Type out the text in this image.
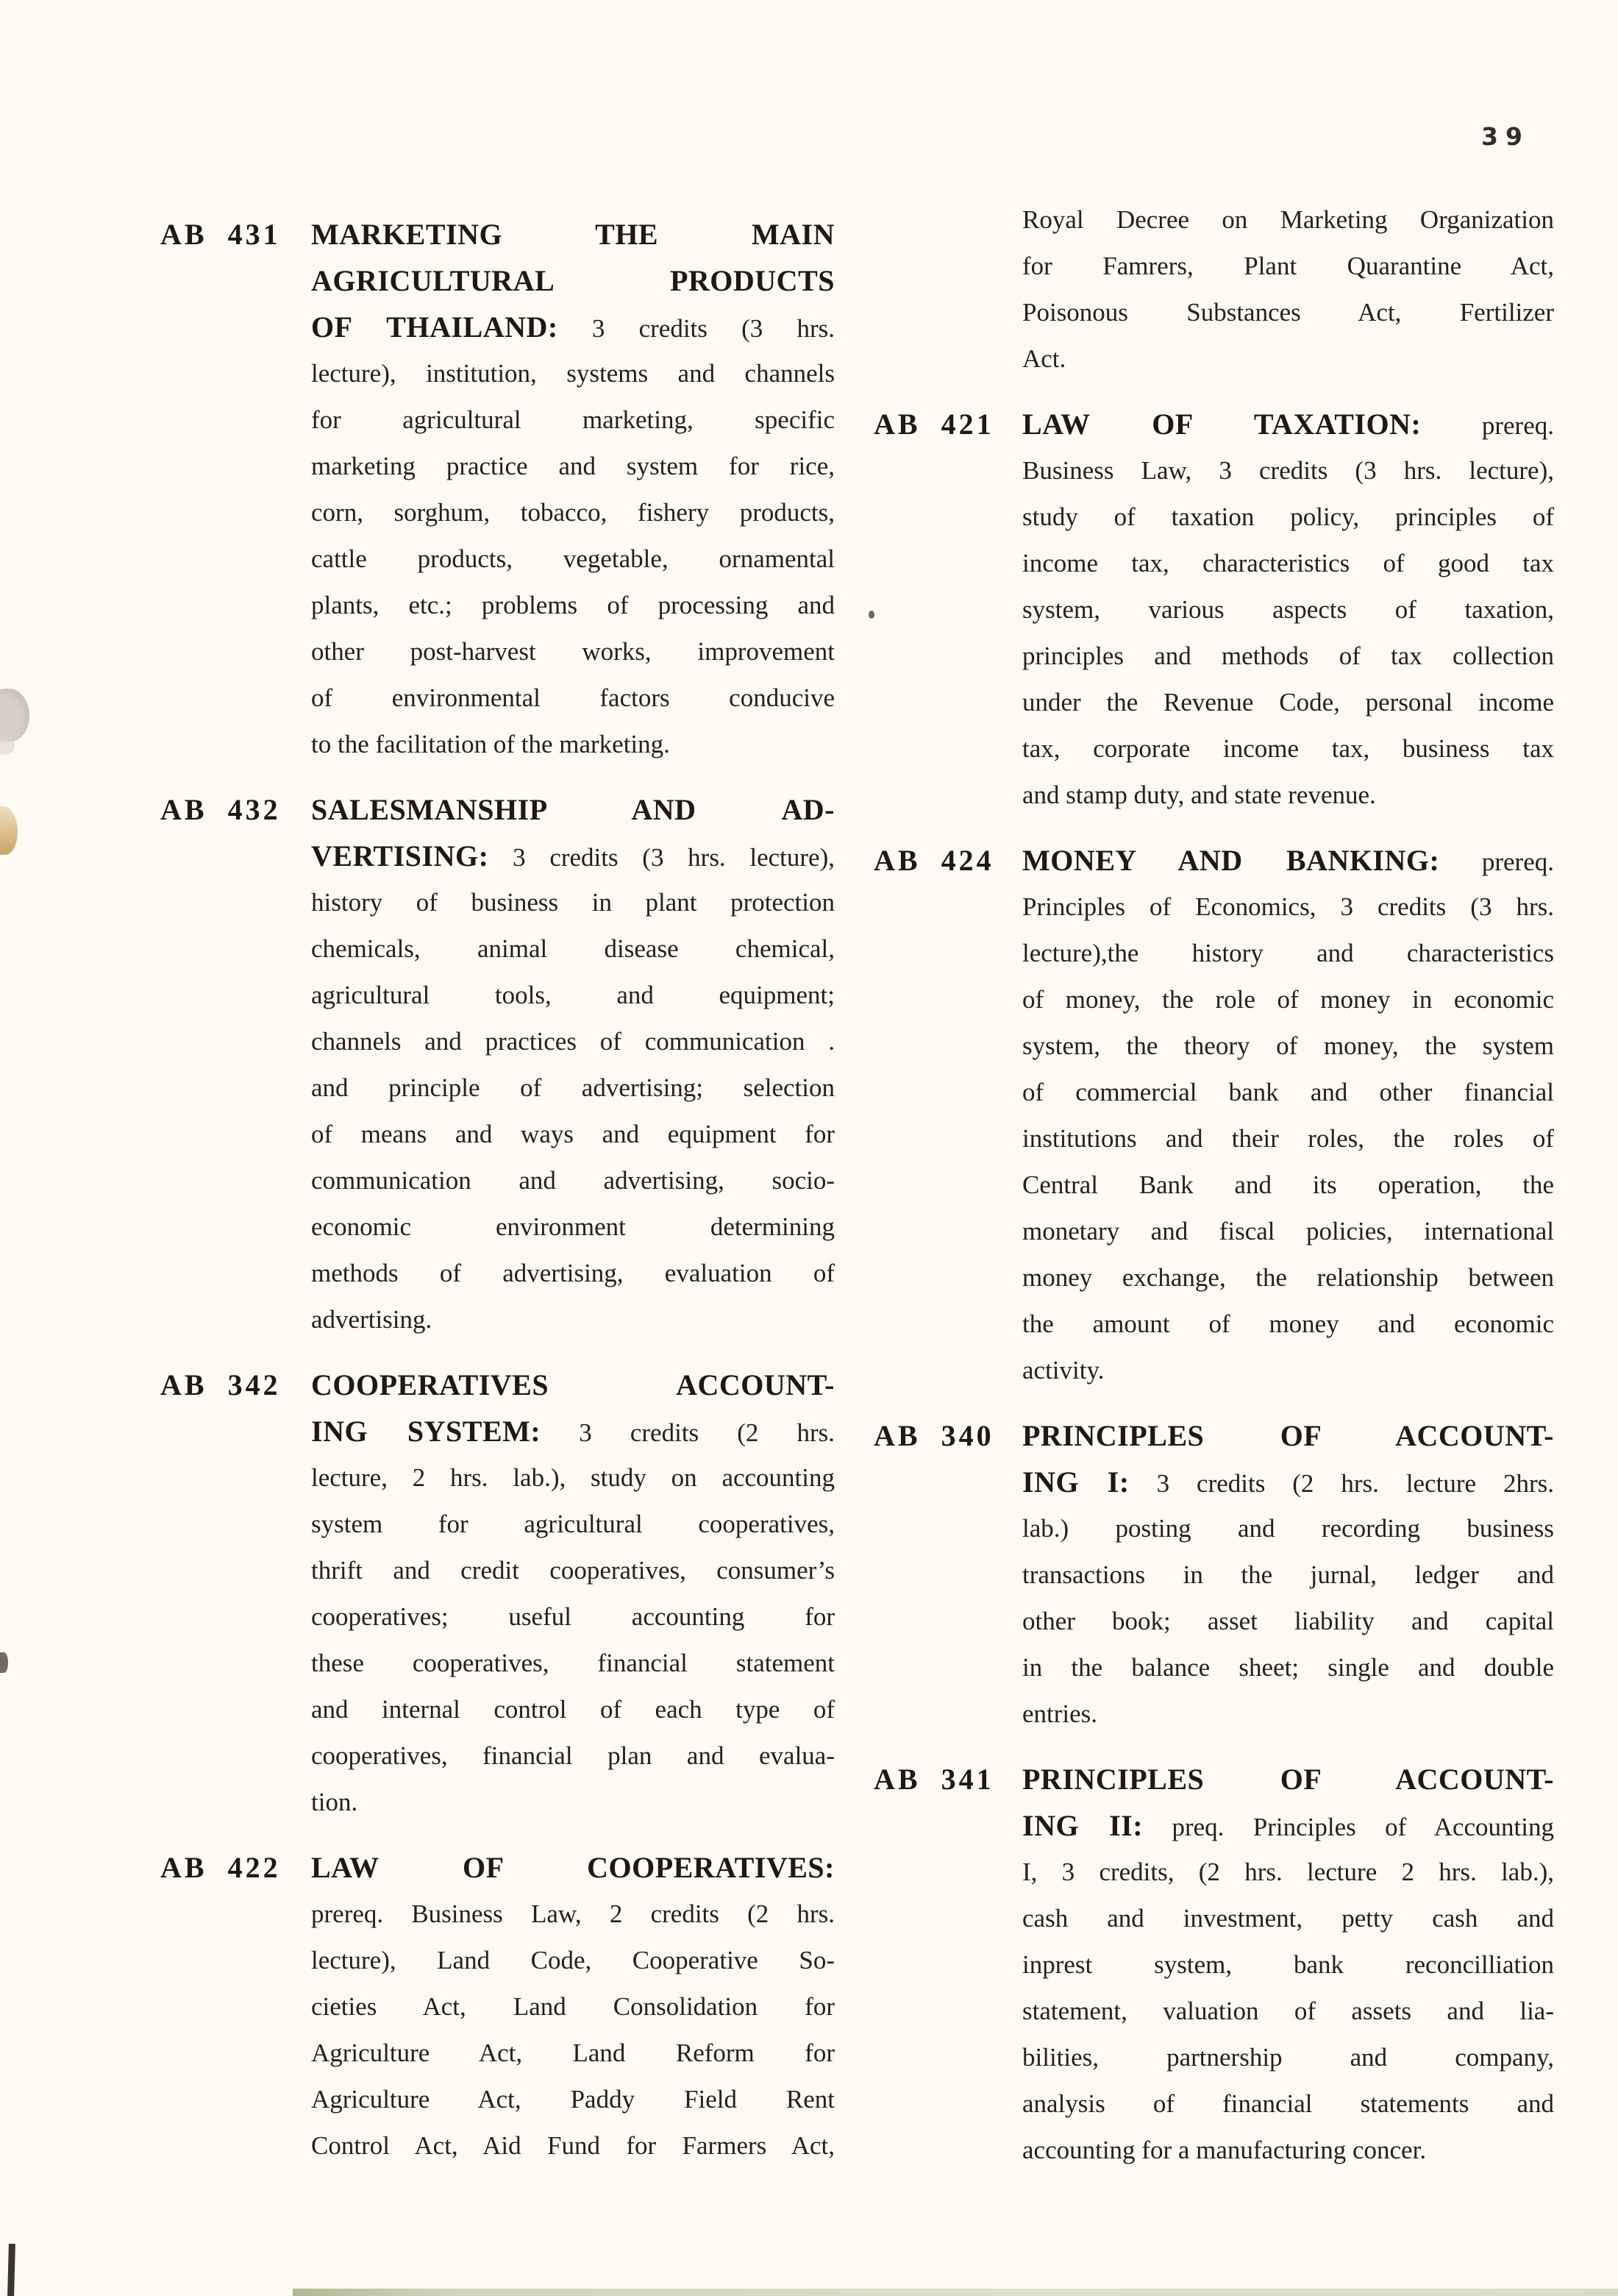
39
AB 431 MARKETING THE MAIN
AGRICULTURAL PRODUCTS
OF THAILAND: 3 credits (3 hrs.
lecture), institution, systems and channels
for agricultural marketing, specific
marketing practice and system for rice,
corn, sorghum, tobacco, fishery products,
cattle products, vegetable, ornamental
plants, etc.; problems of processing and
other post-harvest works, improvement
of environmental factors conducive
to the facilitation of the marketing.
AB 432 SALESMANSHIP AND AD-
VERTISING: 3 credits (3 hrs. lecture),
history of business in plant protection
chemicals, animal disease chemical,
agricultural tools, and equipment;
channels and practices of communication .
and principle of advertising; selection
of means and ways and equipment for
communication and advertising, socio-
economic environment determining
methods of advertising, evaluation of
advertising.
AB 342 COOPERATIVES ACCOUNT-
ING SYSTEM: 3 credits (2 hrs.
lecture, 2 hrs. lab.), study on accounting
system for agricultural cooperatives,
thrift and credit cooperatives, consumer’s
cooperatives; useful accounting for
these cooperatives, financial statement
and internal control of each type of
cooperatives, financial plan and evalua-
tion.
AB 422 LAW OF COOPERATIVES:
prereq. Business Law, 2 credits (2 hrs.
lecture), Land Code, Cooperative So-
cieties Act, Land Consolidation for
Agriculture Act, Land Reform for
Agriculture Act, Paddy Field Rent
Control Act, Aid Fund for Farmers Act,
Royal Decree on Marketing Organization
for Famrers, Plant Quarantine Act,
Poisonous Substances Act, Fertilizer
Act.
AB 421 LAW OF TAXATION: prereq.
Business Law, 3 credits (3 hrs. lecture),
study of taxation policy, principles of
income tax, characteristics of good tax
system, various aspects of taxation,
principles and methods of tax collection
under the Revenue Code, personal income
tax, corporate income tax, business tax
and stamp duty, and state revenue.
AB 424 MONEY AND BANKING: prereq.
Principles of Economics, 3 credits (3 hrs.
lecture),the history and characteristics
of money, the role of money in economic
system, the theory of money, the system
of commercial bank and other financial
institutions and their roles, the roles of
Central Bank and its operation, the
monetary and fiscal policies, international
money exchange, the relationship between
the amount of money and economic
activity.
AB 340 PRINCIPLES OF ACCOUNT-
ING I: 3 credits (2 hrs. lecture 2hrs.
lab.) posting and recording business
transactions in the jurnal, ledger and
other book; asset liability and capital
in the balance sheet; single and double
entries.
AB 341 PRINCIPLES OF ACCOUNT-
ING II: preq. Principles of Accounting
I, 3 credits, (2 hrs. lecture 2 hrs. lab.),
cash and investment, petty cash and
inprest system, bank reconcilliation
statement, valuation of assets and lia-
bilities, partnership and company,
analysis of financial statements and
accounting for a manufacturing concer.
